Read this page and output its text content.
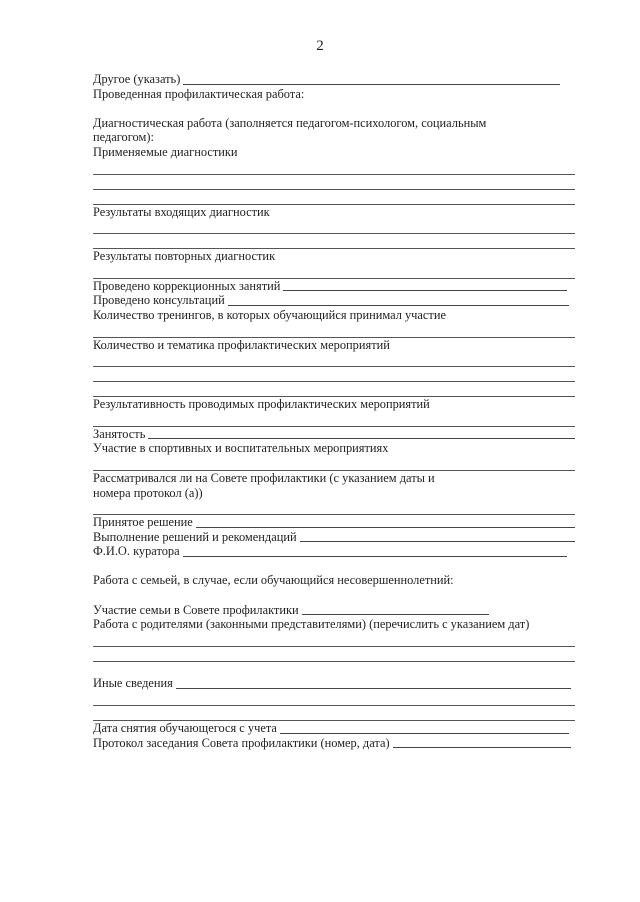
2
Другое (указать)
Проведенная профилактическая работа:
Диагностическая работа (заполняется педагогом-психологом, социальным
педагогом):
Применяемые диагностики
Результаты входящих диагностик
Результаты повторных диагностик
Проведено коррекционных занятий
Проведено консультаций
Количество тренингов, в которых обучающийся принимал участие
Количество и тематика профилактических мероприятий
Результативность проводимых профилактических мероприятий
Занятость
Участие в спортивных и воспитательных мероприятиях
Рассматривался ли на Совете профилактики (с указанием даты и
номера протокол (а))
Принятое решение
Выполнение решений и рекомендаций
Ф.И.О. куратора
Работа с семьей, в случае, если обучающийся несовершеннолетний:
Участие семьи в Совете профилактики
Работа с родителями (законными представителями) (перечислить с указанием дат)
Иные сведения
Дата снятия обучающегося с учета
Протокол заседания Совета профилактики (номер, дата)
